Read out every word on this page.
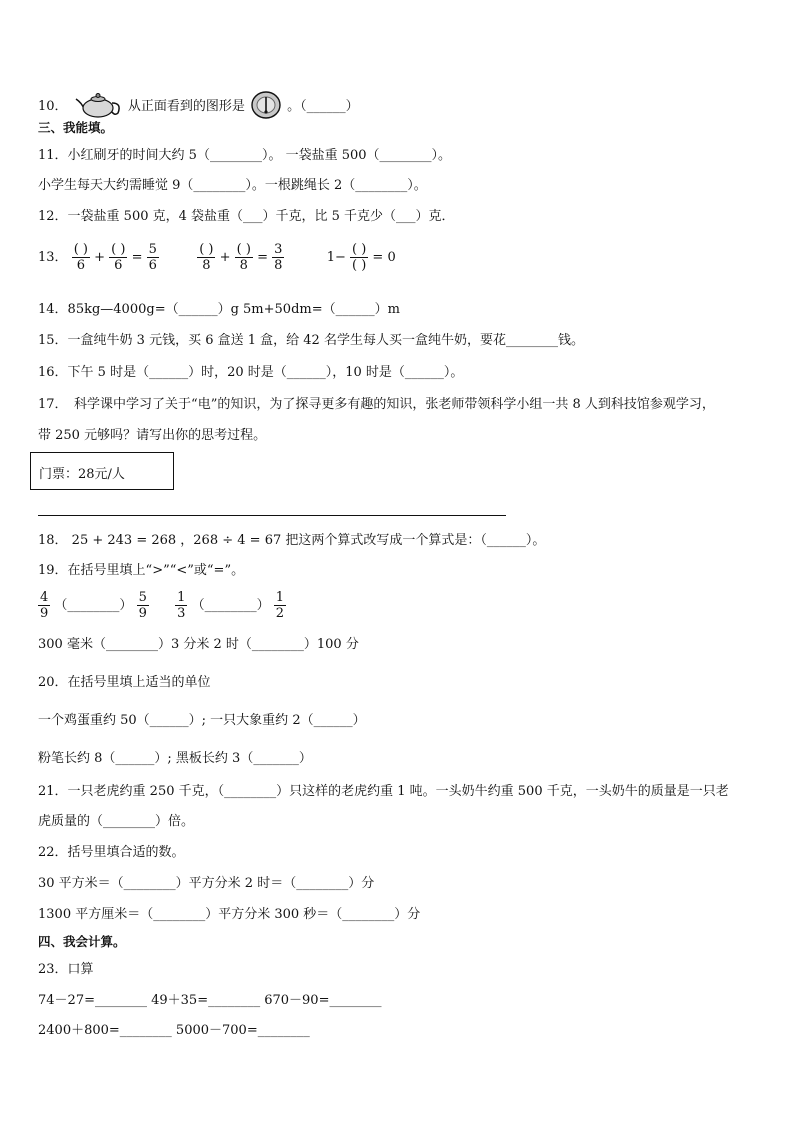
10．	从正面看到的图形是	。（______）
三、我能填。
11．小红刷牙的时间大约 5（________）。 一袋盐重 500（________）。
小学生每天大约需睡觉 9（________）。一根跳绳长 2（________）。
12．一袋盐重 500 克，4 袋盐重（___）千克，比 5 千克少（___）克．
13． $\frac{( )}{6} + \frac{( )}{6} = \frac{5}{6}$
	$\frac{( )}{8} + \frac{( )}{8} = \frac{3}{8}$	$1- \frac{( )}{( )} = 0$
14．85kg—4000g=（______）g 5m+50dm=（______）m
15．一盒纯牛奶 3 元钱，买 6 盒送 1 盒，给 42 名学生每人买一盒纯牛奶，要花________钱。
16．下午 5 时是（______）时，20 时是（______），10 时是（______）。
17．　科学课中学习了关于“电”的知识，为了探寻更多有趣的知识，张老师带领科学小组一共 8 人到科技馆参观学习，
带 250 元够吗？请写出你的思考过程。
门票：28元/人
18． 25 + 243 = 268 ，268 ÷ 4 = 67 把这两个算式改写成一个算式是：（______）。
19．在括号里填上“>”“<”或“=”。
$\frac{4}{9}$ （________） $\frac{5}{9}$
$\frac{1}{3}$ （________） $\frac{1}{2}$
300 毫米（________）3 分米 2 时（________）100 分
20．在括号里填上适当的单位
一个鸡蛋重约 50（______）; 一只大象重约 2（______）
粉笔长约 8（______）; 黑板长约 3（_______）
21．一只老虎约重 250 千克，（________）只这样的老虎约重 1 吨。一头奶牛约重 500 千克，一头奶牛的质量是一只老
虎质量的（________）倍。
22．括号里填合适的数。
30 平方米＝（________）平方分米 2 时＝（________）分
1300 平方厘米＝（________）平方分米 300 秒＝（________）分
四、我会计算。
23．口算
74－27=________ 49＋35=________ 670－90=________
2400＋800=________ 5000－700=________
